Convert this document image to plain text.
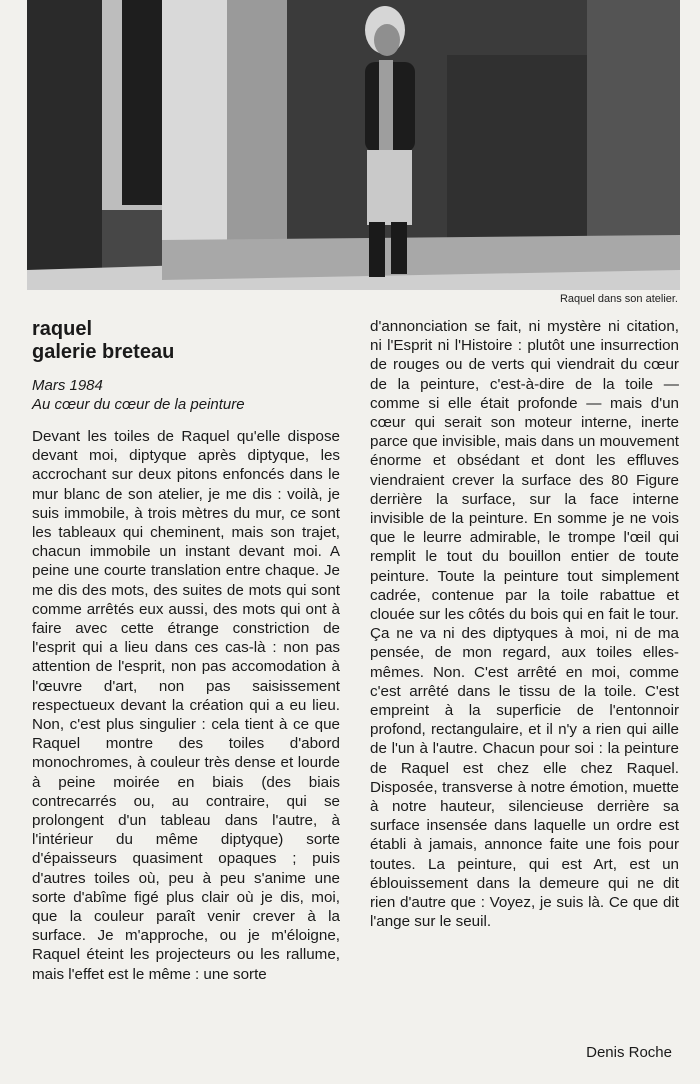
Raquel dans son atelier.
raquel
galerie breteau
Mars 1984
Au cœur du cœur de la peinture

Devant les toiles de Raquel qu'elle dispose devant moi, diptyque après diptyque, les accrochant sur deux pitons enfoncés dans le mur blanc de son atelier, je me dis : voilà, je suis immobile, à trois mètres du mur, ce sont les tableaux qui cheminent, mais son trajet, chacun immobile un instant devant moi. A peine une courte translation entre chaque. Je me dis des mots, des suites de mots qui sont comme arrêtés eux aussi, des mots qui ont à faire avec cette étrange constriction de l'esprit qui a lieu dans ces cas-là : non pas attention de l'esprit, non pas accomodation à l'œuvre d'art, non pas saisissement respectueux devant la création qui a eu lieu. Non, c'est plus singulier : cela tient à ce que Raquel montre des toiles d'abord monochromes, à couleur très dense et lourde à peine moirée en biais (des biais contrecarrés ou, au contraire, qui se prolongent d'un tableau dans l'autre, à l'intérieur du même diptyque) sorte d'épaisseurs quasiment opaques ; puis d'autres toiles où, peu à peu s'anime une sorte d'abîme figé plus clair où je dis, moi, que la couleur paraît venir crever à la surface. Je m'approche, ou je m'éloigne, Raquel éteint les projecteurs ou les rallume, mais l'effet est le même : une sorte

d'annonciation se fait, ni mystère ni citation, ni l'Esprit ni l'Histoire : plutôt une insurrection de rouges ou de verts qui viendrait du cœur de la peinture, c'est-à-dire de la toile — comme si elle était profonde — mais d'un cœur qui serait son moteur interne, inerte parce que invisible, mais dans un mouvement énorme et obsédant et dont les effluves viendraient crever la surface des 80 Figure derrière la surface, sur la face interne invisible de la peinture. En somme je ne vois que le leurre admirable, le trompe l'œil qui remplit le tout du bouillon entier de toute peinture. Toute la peinture tout simplement cadrée, contenue par la toile rabattue et clouée sur les côtés du bois qui en fait le tour. Ça ne va ni des diptyques à moi, ni de ma pensée, de mon regard, aux toiles elles-mêmes. Non. C'est arrêté en moi, comme c'est arrêté dans le tissu de la toile. C'est empreint à la superficie de l'entonnoir profond, rectangulaire, et il n'y a rien qui aille de l'un à l'autre. Chacun pour soi : la peinture de Raquel est chez elle chez Raquel. Disposée, transverse à notre émotion, muette à notre hauteur, silencieuse derrière sa surface insensée dans laquelle un ordre est établi à jamais, annonce faite une fois pour toutes. La peinture, qui est Art, est un éblouissement dans la demeure qui ne dit rien d'autre que : Voyez, je suis là. Ce que dit l'ange sur le seuil.

Denis Roche
